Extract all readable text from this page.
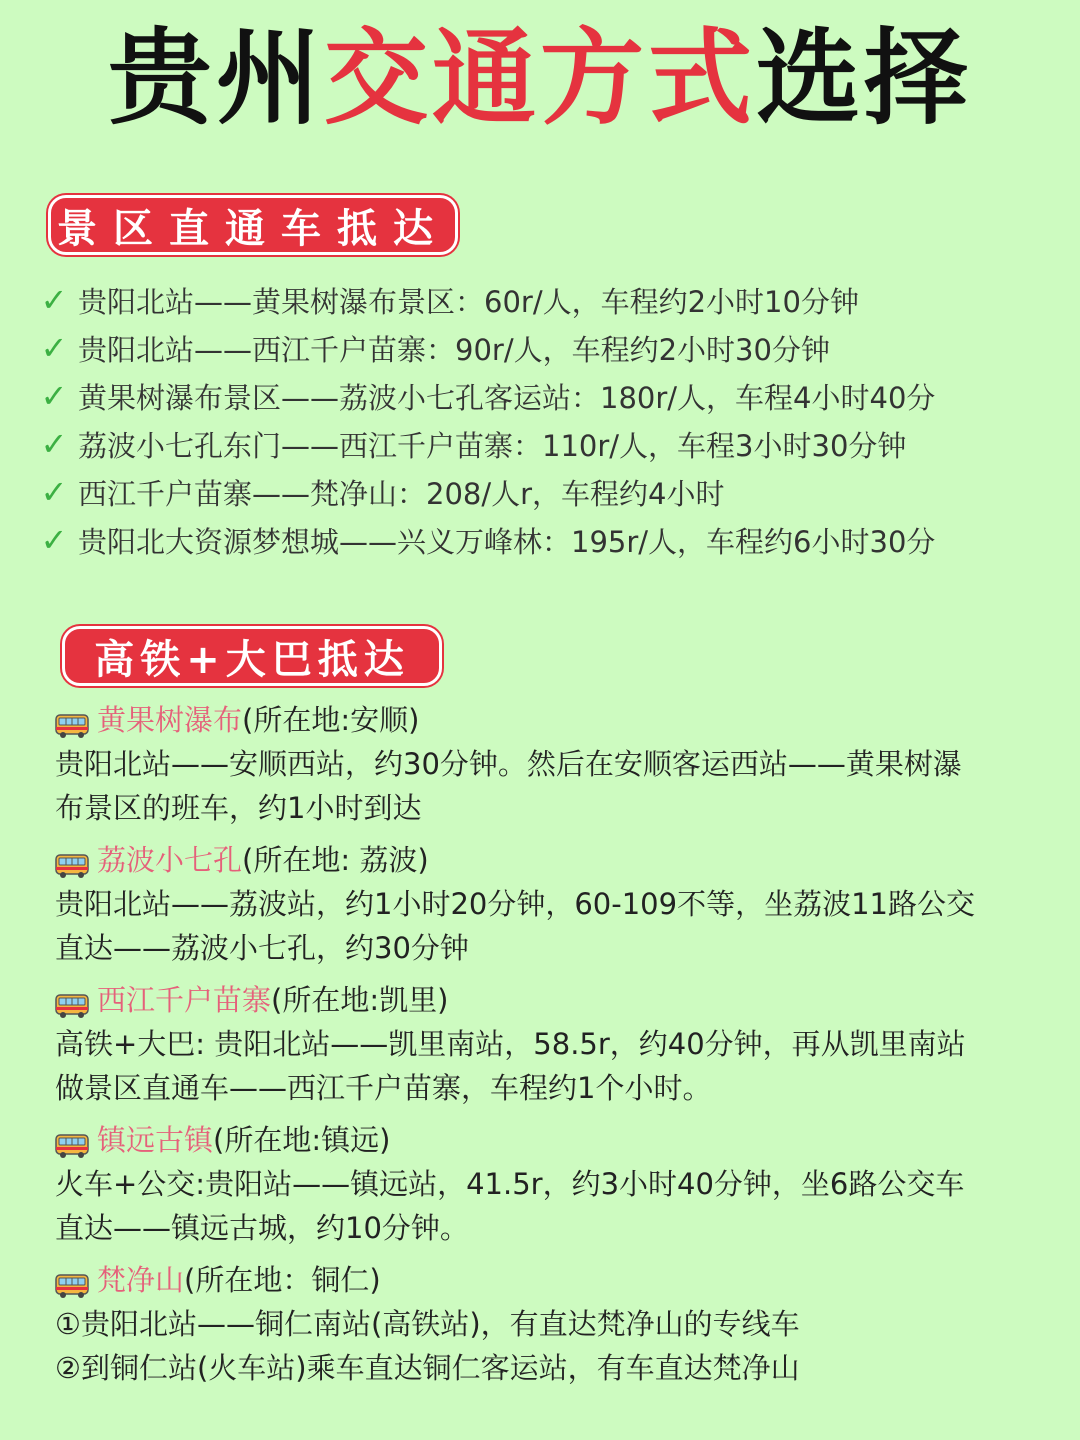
贵州交通方式选择
景区直通车抵达
✓ 贵阳北站——黄果树瀑布景区：60r/人，车程约2小时10分钟
✓ 贵阳北站——西江千户苗寨：90r/人，车程约2小时30分钟
✓ 黄果树瀑布景区——荔波小七孔客运站：180r/人，车程4小时40分
✓ 荔波小七孔东门——西江千户苗寨：110r/人，车程3小时30分钟
✓ 西江千户苗寨——梵净山：208/人r，车程约4小时
✓ 贵阳北大资源梦想城——兴义万峰林：195r/人，车程约6小时30分
高铁+大巴抵达
黄果树瀑布 (所在地:安顺)
贵阳北站——安顺西站，约30分钟。然后在安顺客运西站——黄果树瀑
布景区的班车，约1小时到达
荔波小七孔 (所在地: 荔波)
贵阳北站——荔波站，约1小时20分钟，60-109不等，坐荔波11路公交
直达——荔波小七孔，约30分钟
西江千户苗寨 (所在地:凯里)
高铁+大巴: 贵阳北站——凯里南站，58.5r，约40分钟，再从凯里南站
做景区直通车——西江千户苗寨，车程约1个小时。
镇远古镇 (所在地:镇远)
火车+公交:贵阳站——镇远站，41.5r，约3小时40分钟，坐6路公交车
直达——镇远古城，约10分钟。
梵净山 (所在地：铜仁)
①贵阳北站——铜仁南站(高铁站)，有直达梵净山的专线车
②到铜仁站(火车站)乘车直达铜仁客运站，有车直达梵净山
